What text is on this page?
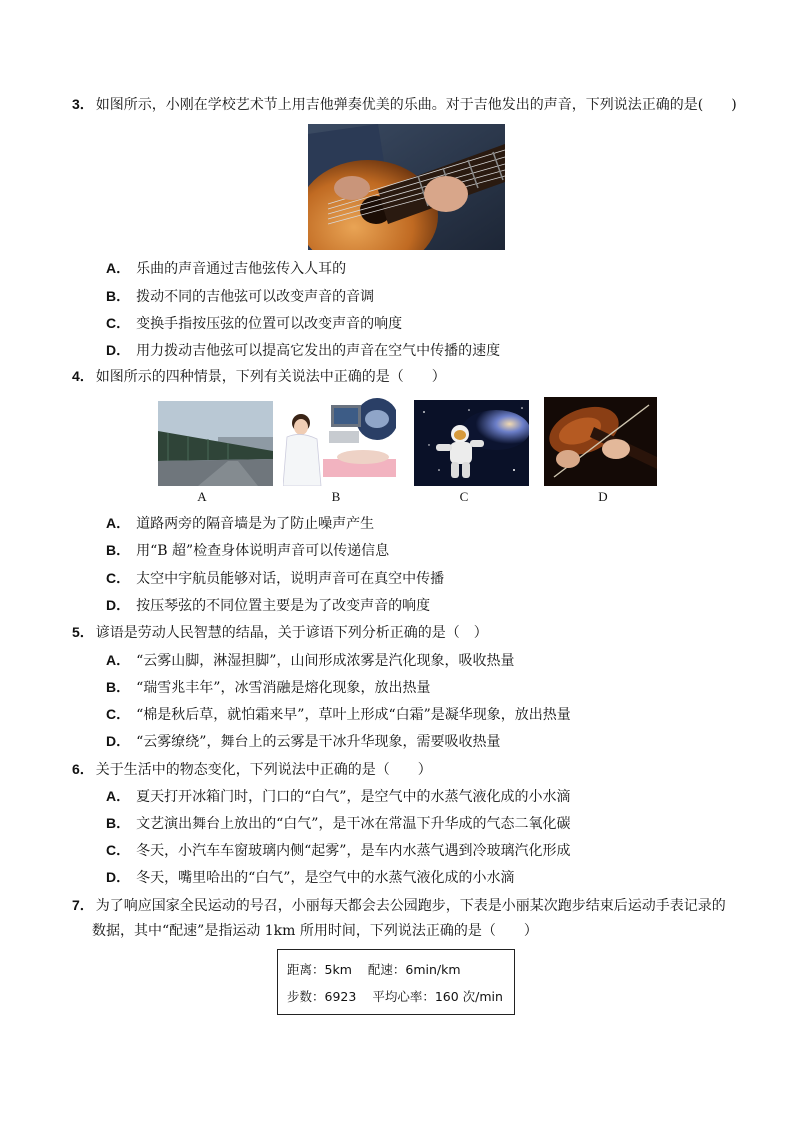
3． 如图所示，小刚在学校艺术节上用吉他弹奏优美的乐曲。对于吉他发出的声音，下列说法正确的是(　　)
A． 乐曲的声音通过吉他弦传入人耳的
B． 拨动不同的吉他弦可以改变声音的音调
C． 变换手指按压弦的位置可以改变声音的响度
D． 用力拨动吉他弦可以提高它发出的声音在空气中传播的速度
4． 如图所示的四种情景，下列有关说法中正确的是（　　）
A	B	C	D
A． 道路两旁的隔音墙是为了防止噪声产生
B． 用“B 超”检查身体说明声音可以传递信息
C． 太空中宇航员能够对话，说明声音可在真空中传播
D． 按压琴弦的不同位置主要是为了改变声音的响度
5． 谚语是劳动人民智慧的结晶，关于谚语下列分析正确的是（　）
A． “云雾山脚，淋湿担脚”，山间形成浓雾是汽化现象，吸收热量
B． “瑞雪兆丰年”，冰雪消融是熔化现象，放出热量
C． “棉是秋后草，就怕霜来早”，草叶上形成“白霜”是凝华现象，放出热量
D． “云雾缭绕”，舞台上的云雾是干冰升华现象，需要吸收热量
6． 关于生活中的物态变化，下列说法中正确的是（　　）
A． 夏天打开冰箱门时，门口的“白气”，是空气中的水蒸气液化成的小水滴
B． 文艺演出舞台上放出的“白气”，是干冰在常温下升华成的气态二氧化碳
C． 冬天，小汽车车窗玻璃内侧“起雾”，是车内水蒸气遇到冷玻璃汽化形成
D． 冬天，嘴里哈出的“白气”，是空气中的水蒸气液化成的小水滴
7． 为了响应国家全民运动的号召，小丽每天都会去公园跑步，下表是小丽某次跑步结束后运动手表记录的
数据，其中“配速”是指运动 1km 所用时间，下列说法正确的是（　　）
距离：5km 配速：6min/km
步数：6923 平均心率：160 次/min
